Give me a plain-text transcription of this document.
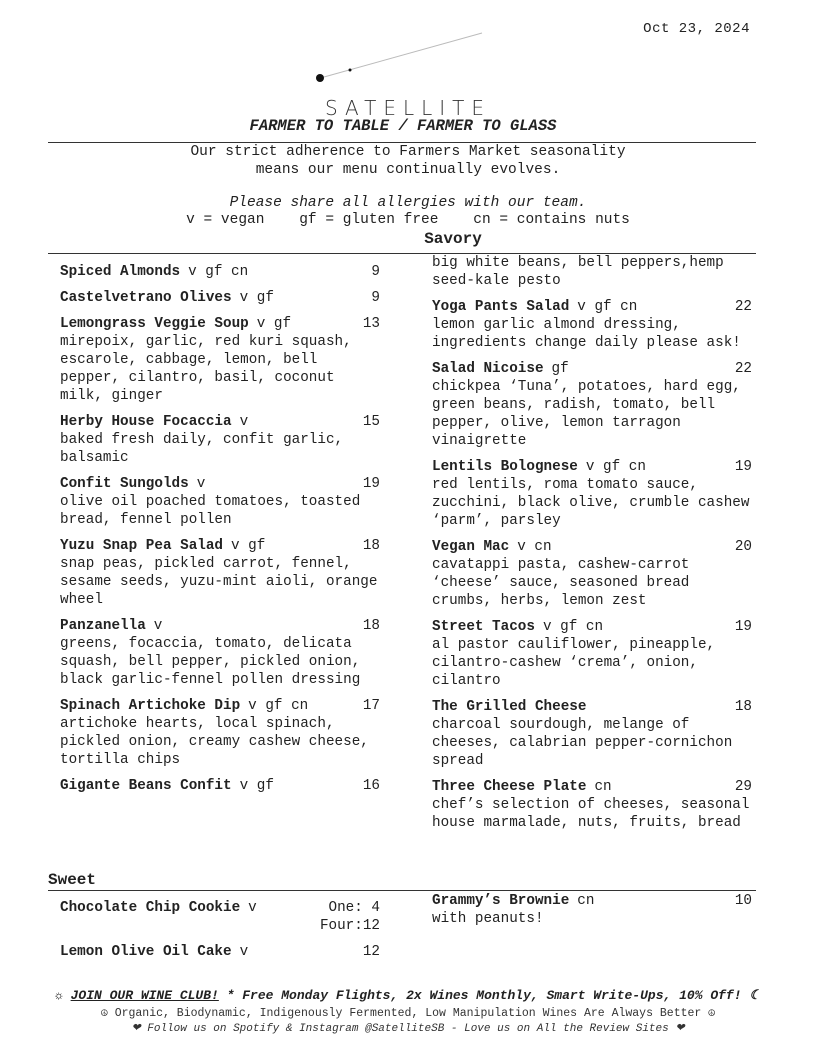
Oct 23, 2024
SATELLITE
FARMER TO TABLE / FARMER TO GLASS
Our strict adherence to Farmers Market seasonality
means our menu continually evolves.
Please share all allergies with our team.
v = vegan    gf = gluten free    cn = contains nuts
Savory
big white beans, bell peppers,hemp seed-kale pesto
Sweet
Spiced Almonds v gf cn	9
Castelvetrano Olives v gf	9
Lemongrass Veggie Soup v gf	13
mirepoix, garlic, red kuri squash, escarole, cabbage, lemon, bell pepper, cilantro, basil, coconut milk, ginger
Herby House Focaccia v	15
baked fresh daily, confit garlic, balsamic
Confit Sungolds v	19
olive oil poached tomatoes, toasted bread, fennel pollen
Yuzu Snap Pea Salad v gf	18
snap peas, pickled carrot, fennel, sesame seeds, yuzu-mint aioli, orange wheel
Panzanella v	18
greens, focaccia, tomato, delicata squash, bell pepper, pickled onion, black garlic-fennel pollen dressing
Spinach Artichoke Dip v gf cn	17
artichoke hearts, local spinach, pickled onion, creamy cashew cheese, tortilla chips
Gigante Beans Confit v gf	16
Yoga Pants Salad v gf cn	22
lemon garlic almond dressing, ingredients change daily please ask!
Salad Nicoise gf	22
chickpea ‘Tuna’, potatoes, hard egg, green beans, radish, tomato, bell pepper, olive, lemon tarragon vinaigrette
Lentils Bolognese v gf cn	19
red lentils, roma tomato sauce, zucchini, black olive, crumble cashew ‘parm’, parsley
Vegan Mac v cn	20
cavatappi pasta, cashew-carrot ‘cheese’ sauce, seasoned bread crumbs, herbs, lemon zest
Street Tacos v gf cn	19
al pastor cauliflower, pineapple, cilantro-cashew ‘crema’, onion, cilantro
The Grilled Cheese	18
charcoal sourdough, melange of cheeses, calabrian pepper-cornichon spread
Three Cheese Plate cn	29
chef’s selection of cheeses, seasonal house marmalade, nuts, fruits, bread
Chocolate Chip Cookie v	One: 4
Four:12
Lemon Olive Oil Cake v	12
Grammy’s Brownie cn	10
with peanuts!
☼ JOIN OUR WINE CLUB! * Free Monday Flights, 2x Wines Monthly, Smart Write-Ups, 10% Off! ☾
☮ Organic, Biodynamic, Indigenously Fermented, Low Manipulation Wines Are Always Better ☮
❤ Follow us on Spotify & Instagram @SatelliteSB - Love us on All the Review Sites ❤
